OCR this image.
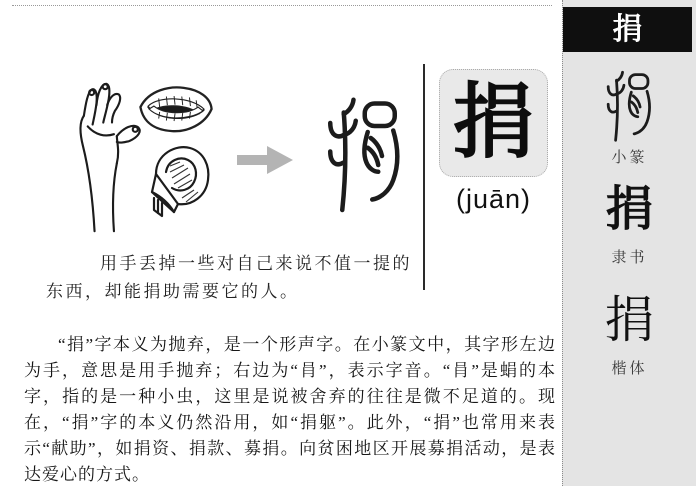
捐
(juān)
用手丢掉一些对自己来说不值一提的
东西，却能捐助需要它的人。

“捐”字本义为抛弃，是一个形声字。在小篆文中，其字形左边为手，意思是用手抛弃；右边为“肙”，表示字音。“肙”是蜎的本字，指的是一种小虫，这里是说被舍弃的往往是微不足道的。现在，“捐”字的本义仍然沿用，如“捐躯”。此外，“捐”也常用来表示“献助”，如捐资、捐款、募捐。向贫困地区开展募捐活动，是表达爱心的方式。

捐
小篆
捐
隶书
捐
楷体
